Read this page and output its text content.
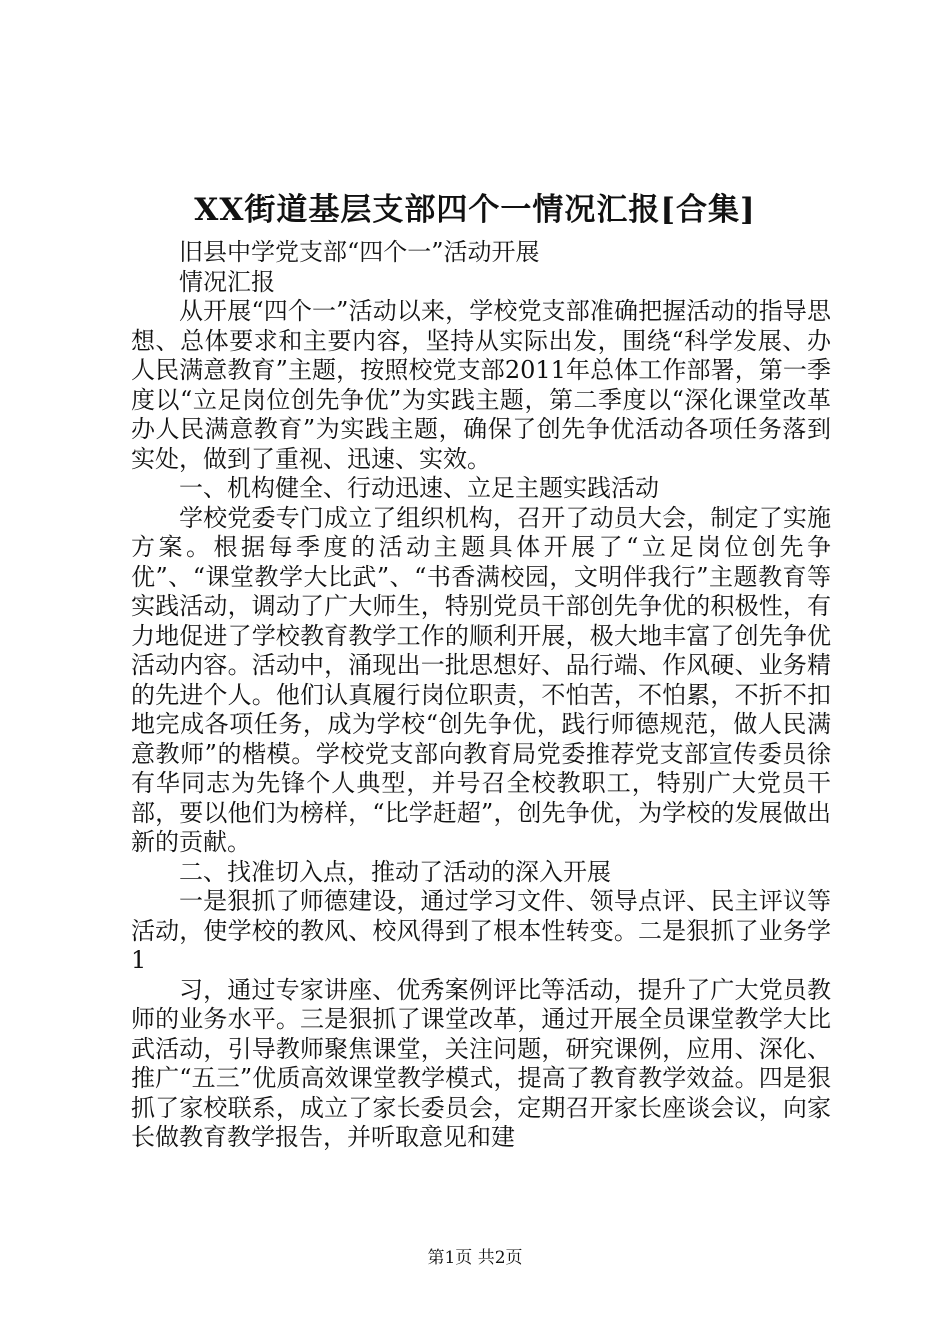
XX街道基层支部四个一情况汇报[合集]

旧县中学党支部“四个一”活动开展

情况汇报

从开展“四个一”活动以来，学校党支部准确把握活动的指导思想、总体要求和主要内容，坚持从实际出发，围绕“科学发展、办人民满意教育”主题，按照校党支部2011年总体工作部署，第一季度以“立足岗位创先争优”为实践主题，第二季度以“深化课堂改革办人民满意教育”为实践主题，确保了创先争优活动各项任务落到实处，做到了重视、迅速、实效。

一、机构健全、行动迅速、立足主题实践活动

学校党委专门成立了组织机构，召开了动员大会，制定了实施方案。根据每季度的活动主题具体开展了“立足岗位创先争优”、“课堂教学大比武”、“书香满校园，文明伴我行”主题教育等实践活动，调动了广大师生，特别党员干部创先争优的积极性，有力地促进了学校教育教学工作的顺利开展，极大地丰富了创先争优活动内容。活动中，涌现出一批思想好、品行端、作风硬、业务精的先进个人。他们认真履行岗位职责，不怕苦，不怕累，不折不扣地完成各项任务，成为学校“创先争优，践行师德规范，做人民满意教师”的楷模。学校党支部向教育局党委推荐党支部宣传委员徐有华同志为先锋个人典型，并号召全校教职工，特别广大党员干部，要以他们为榜样，“比学赶超”，创先争优，为学校的发展做出新的贡献。

二、找准切入点，推动了活动的深入开展

一是狠抓了师德建设，通过学习文件、领导点评、民主评议等活动，使学校的教风、校风得到了根本性转变。二是狠抓了业务学1

习，通过专家讲座、优秀案例评比等活动，提升了广大党员教师的业务水平。三是狠抓了课堂改革，通过开展全员课堂教学大比武活动，引导教师聚焦课堂，关注问题，研究课例，应用、深化、推广“五三”优质高效课堂教学模式，提高了教育教学效益。四是狠抓了家校联系，成立了家长委员会，定期召开家长座谈会议，向家长做教育教学报告，并听取意见和建

第1页 共2页
